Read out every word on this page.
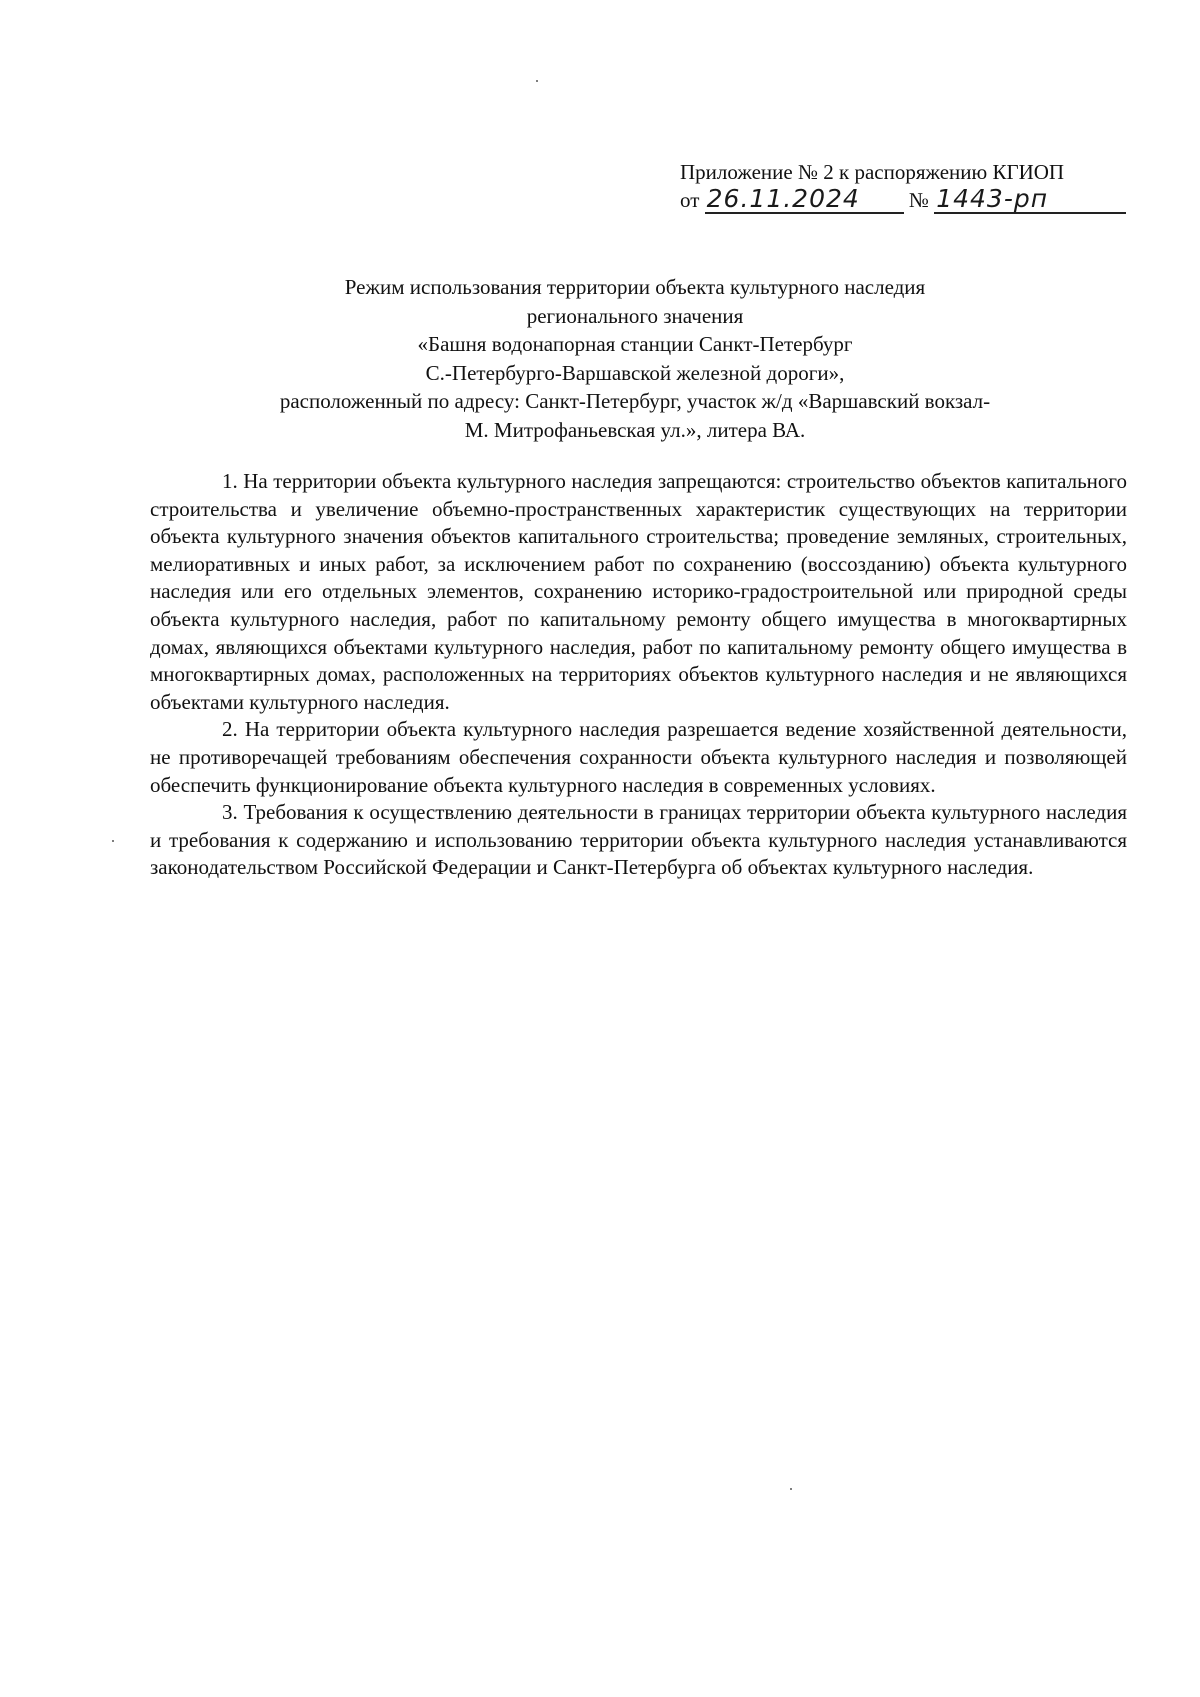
Приложение № 2 к распоряжению КГИОП
от 26.11.2024 № 1443-рп
Режим использования территории объекта культурного наследия
регионального значения
«Башня водонапорная станции Санкт-Петербург
С.-Петербурго-Варшавской железной дороги»,
расположенный по адресу: Санкт-Петербург, участок ж/д «Варшавский вокзал-
М. Митрофаньевская ул.», литера ВА.

1. На территории объекта культурного наследия запрещаются: строительство объектов капитального строительства и увеличение объемно-пространственных характеристик существующих на территории объекта культурного значения объектов капитального строительства; проведение земляных, строительных, мелиоративных и иных работ, за исключением работ по сохранению (воссозданию) объекта культурного наследия или его отдельных элементов, сохранению историко-градостроительной или природной среды объекта культурного наследия, работ по капитальному ремонту общего имущества в многоквартирных домах, являющихся объектами культурного наследия, работ по капитальному ремонту общего имущества в многоквартирных домах, расположенных на территориях объектов культурного наследия и не являющихся объектами культурного наследия.

2. На территории объекта культурного наследия разрешается ведение хозяйственной деятельности, не противоречащей требованиям обеспечения сохранности объекта культурного наследия и позволяющей обеспечить функционирование объекта культурного наследия в современных условиях.

3. Требования к осуществлению деятельности в границах территории объекта культурного наследия и требования к содержанию и использованию территории объекта культурного наследия устанавливаются законодательством Российской Федерации и Санкт-Петербурга об объектах культурного наследия.
